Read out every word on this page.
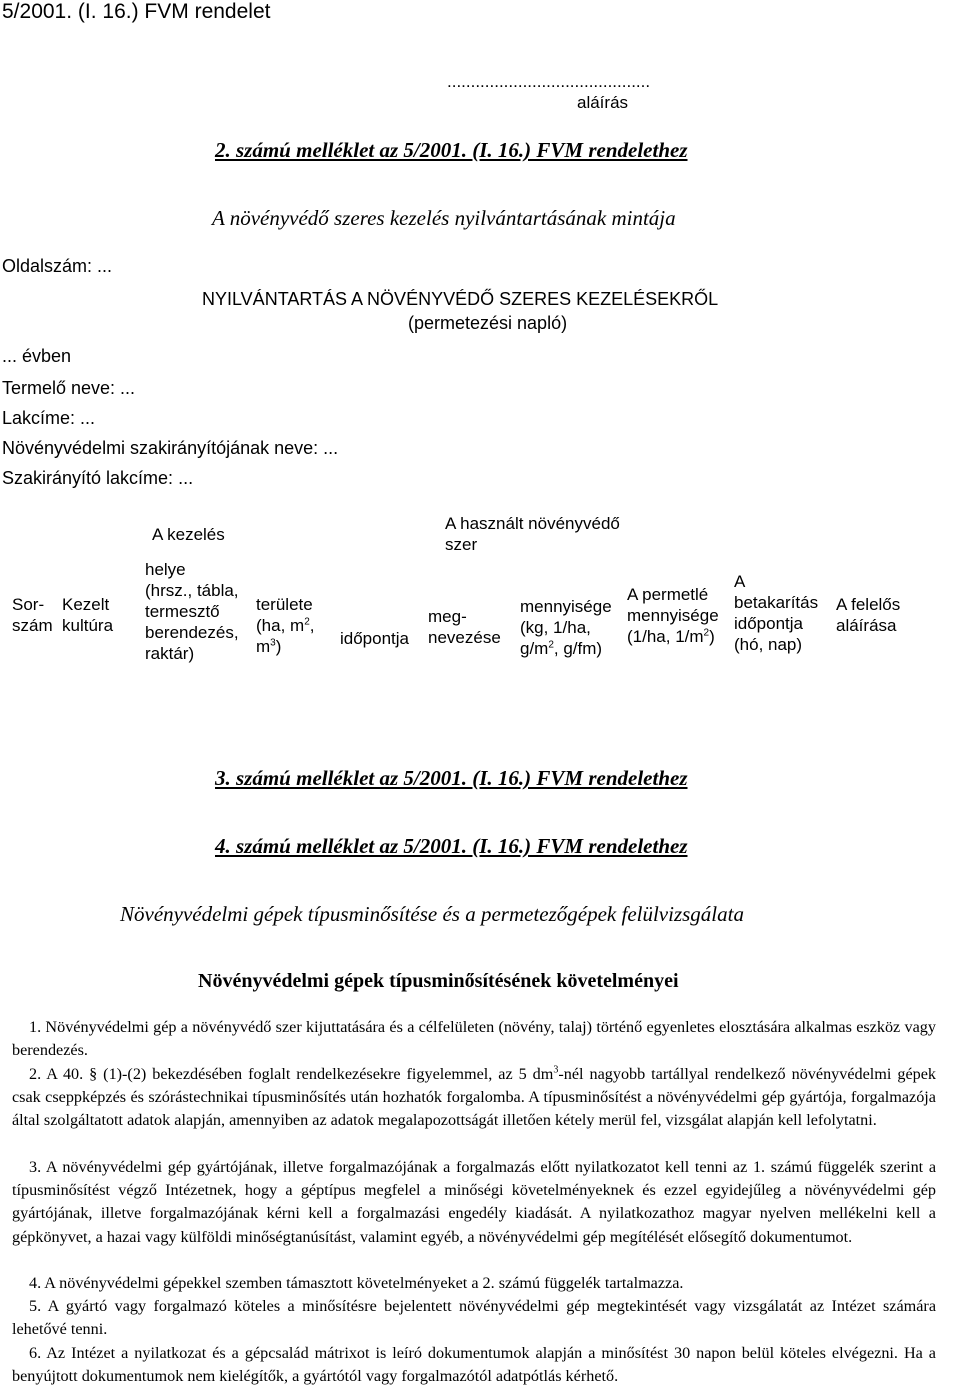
5/2001. (I. 16.) FVM rendelet
...........................................
aláírás
2. számú melléklet az 5/2001. (I. 16.) FVM rendelethez
A növényvédő szeres kezelés nyilvántartásának mintája
Oldalszám: ...
NYILVÁNTARTÁS A NÖVÉNYVÉDŐ SZERES KEZELÉSEKRŐL
(permetezési napló)
... évben
Termelő neve: ...
Lakcíme: ...
Növényvédelmi szakirányítójának neve: ...
Szakirányító lakcíme: ...
Sor-
szám
Kezelt
kultúra
A kezelés
helye
(hrsz., tábla,
termesztő
berendezés,
raktár)
területe
(ha, $m^2$,
$m^3$)	időpontja
A használt növényvédő
szer
meg-
nevezése
mennyisége
(kg, 1/ha,
$g/m^2$, g/fm)
A permetlé
mennyisége
(1/ha, $1/m^2$)
A
betakarítás
időpontja
(hó, nap)
A felelős
aláírása
3. számú melléklet az 5/2001. (I. 16.) FVM rendelethez
4. számú melléklet az 5/2001. (I. 16.) FVM rendelethez
Növényvédelmi gépek típusminősítése és a permetezőgépek felülvizsgálata
Növényvédelmi gépek típusminősítésének követelményei
1. Növényvédelmi gép a növényvédő szer kijuttatására és a célfelületen (növény, talaj) történő egyenletes elosztására alkalmas eszköz vagy berendezés.
2. A 40. § (1)-(2) bekezdésében foglalt rendelkezésekre figyelemmel, az 5 $dm^3$-nél nagyobb tartállyal rendelkező növényvédelmi gépek csak cseppképzés és szórástechnikai típusminősítés után hozhatók forgalomba. A típusminősítést a növényvédelmi gép gyártója, forgalmazója által szolgáltatott adatok alapján, amennyiben az adatok megalapozottságát illetően kétely merül fel, vizsgálat alapján kell lefolytatni.
3. A növényvédelmi gép gyártójának, illetve forgalmazójának a forgalmazás előtt nyilatkozatot kell tenni az 1. számú függelék szerint a típusminősítést végző Intézetnek, hogy a géptípus megfelel a minőségi követelményeknek és ezzel egyidejűleg a növényvédelmi gép gyártójának, illetve forgalmazójának kérni kell a forgalmazási engedély kiadását. A nyilatkozathoz magyar nyelven mellékelni kell a gépkönyvet, a hazai vagy külföldi minőségtanúsítást, valamint egyéb, a növényvédelmi gép megítélését elősegítő dokumentumot.
4. A növényvédelmi gépekkel szemben támasztott követelményeket a 2. számú függelék tartalmazza.
5. A gyártó vagy forgalmazó köteles a minősítésre bejelentett növényvédelmi gép megtekintését vagy vizsgálatát az Intézet számára lehetővé tenni.
6. Az Intézet a nyilatkozat és a gépcsalád mátrixot is leíró dokumentumok alapján a minősítést 30 napon belül köteles elvégezni. Ha a benyújtott dokumentumok nem kielégítők, a gyártótól vagy forgalmazótól adatpótlás kérhető.
